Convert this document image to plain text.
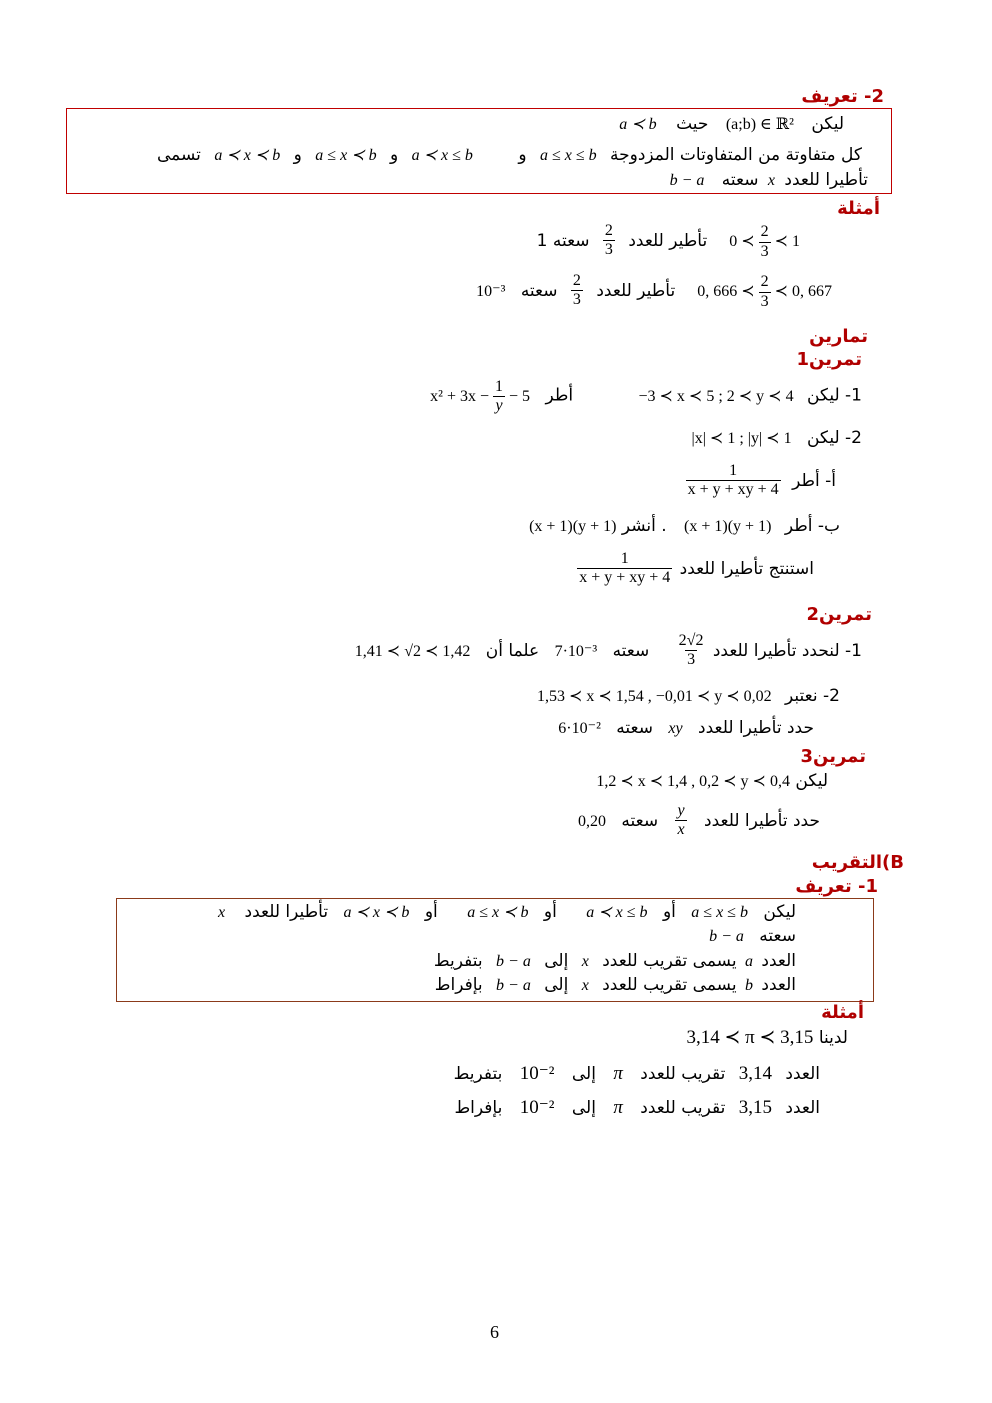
2- تعريف
ليكن (a;b) ∈ ℝ² حيث a ≺ b
كل متفاوتة من المتفاوتات المزدوجة a ≤ x ≤ b و a ≺ x ≤ b و a ≤ x ≺ b و a ≺ x ≺ b تسمى
تأطيرا للعدد x سعته b − a
أمثلة
0 ≺ $\frac{2}{3}$ ≺ 1 تأطير للعدد
$\frac{2}{3}$
سعته 1
0, 666 ≺ $\frac{2}{3}$ ≺ 0, 667 تأطير للعدد
$\frac{2}{3}$
سعته 10⁻³
تمارين
تمرين1
1- ليكن −3 ≺ x ≺ 5 ; 2 ≺ y ≺ 4 أطر $x^2 + 3x - \frac{1}{y} - 5$
2- ليكن |x| ≺ 1 ; |y| ≺ 1
أ- أطر
$\frac{1}{x + y + xy + 4}$
ب- أطر (x + 1)(y + 1) . أنشر (x + 1)(y + 1)
استنتج تأطيرا للعدد
$\frac{1}{x + y + xy + 4}$
تمرين2
1- لنحدد تأطيرا للعدد
$\frac{2√2}{3}$
سعته 7·10⁻³ علما أن 1,41 ≺ √2 ≺ 1,42
2- نعتبر 1,53 ≺ x ≺ 1,54 , −0,01 ≺ y ≺ 0,02
حدد تأطيرا للعدد xy سعته 6·10⁻²
تمرين3
ليكن 1,2 ≺ x ≺ 1,4 , 0,2 ≺ y ≺ 0,4
حدد تأطيرا للعدد
$\frac{y}{x}$
سعته 0,20
B)التقريب
1- تعريف
ليكن a ≤ x ≤ b أو a ≺ x ≤ b أو a ≤ x ≺ b أو a ≺ x ≺ b تأطيرا للعدد x
سعته b − a
العدد a يسمى تقريب للعدد x إلى b − a بتفريط
العدد b يسمى تقريب للعدد x إلى b − a بإفراط
أمثلة
لدينا 3,14 ≺ π ≺ 3,15
العدد 3,14 تقريب للعدد π إلى 10⁻² بتفريط
العدد 3,15 تقريب للعدد π إلى 10⁻² بإفراط
6
